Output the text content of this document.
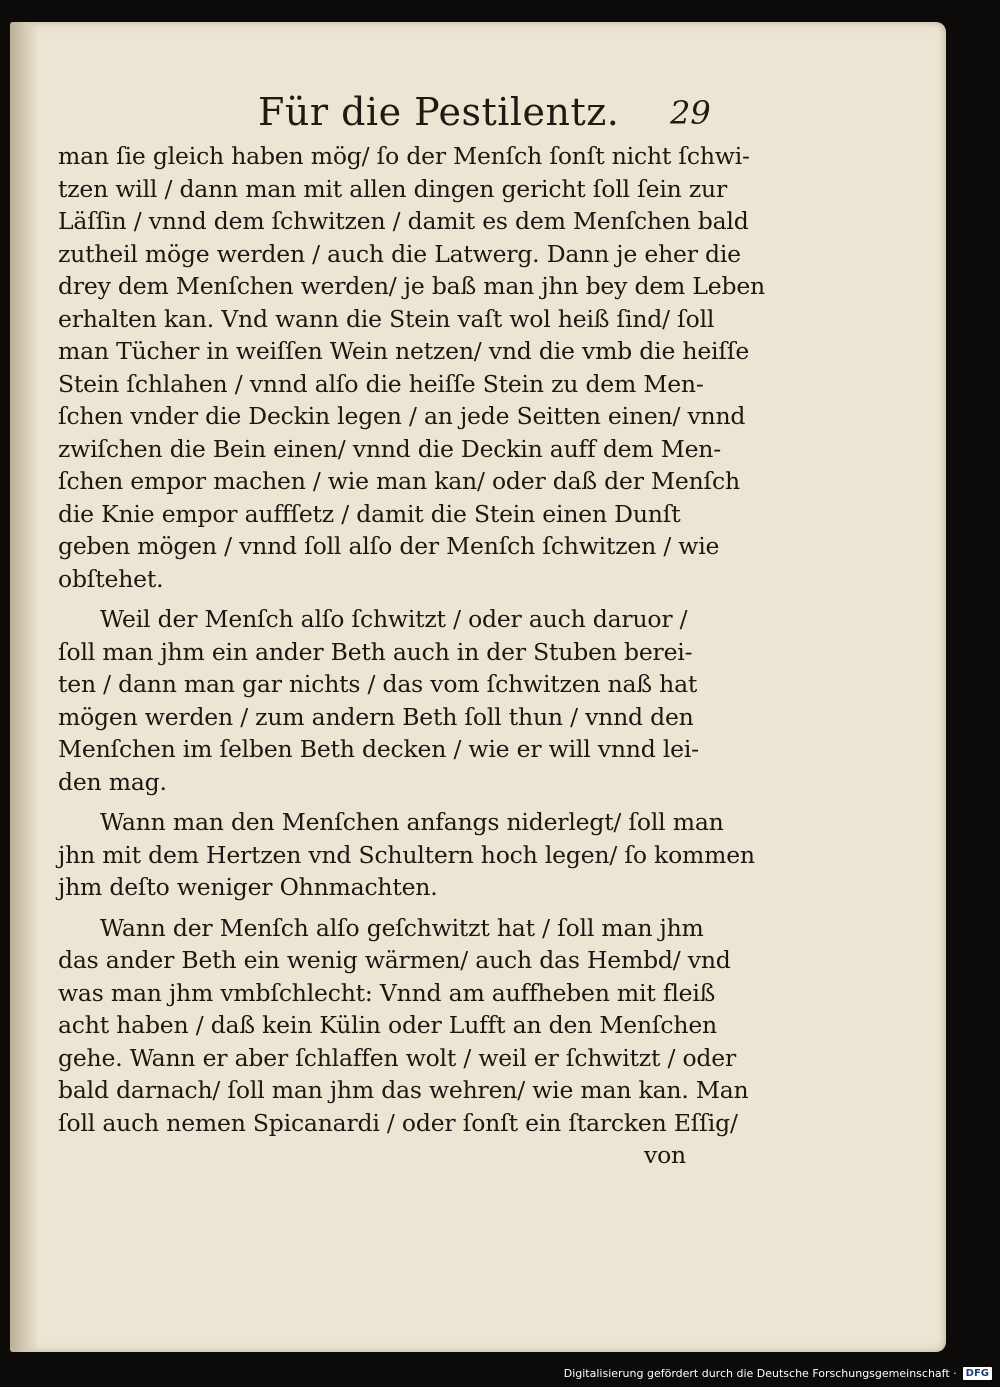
Für die Pestilentz. 29
man ſie gleich haben mög/ ſo der Menſch ſonſt nicht ſchwi-
tzen will / dann man mit allen dingen gericht ſoll ſein zur
Läſſin / vnnd dem ſchwitzen / damit es dem Menſchen bald
zutheil möge werden / auch die Latwerg. Dann je eher die
drey dem Menſchen werden/ je baß man jhn bey dem Leben
erhalten kan. Vnd wann die Stein vaſt wol heiß ſind/ ſoll
man Tücher in weiſſen Wein netzen/ vnd die vmb die heiſſe
Stein ſchlahen / vnnd alſo die heiſſe Stein zu dem Men-
ſchen vnder die Deckin legen / an jede Seitten einen/ vnnd
zwiſchen die Bein einen/ vnnd die Deckin auff dem Men-
ſchen empor machen / wie man kan/ oder daß der Menſch
die Knie empor auffſetz / damit die Stein einen Dunſt
geben mögen / vnnd ſoll alſo der Menſch ſchwitzen / wie
obſtehet.
Weil der Menſch alſo ſchwitzt / oder auch daruor /
ſoll man jhm ein ander Beth auch in der Stuben berei-
ten / dann man gar nichts / das vom ſchwitzen naß hat
mögen werden / zum andern Beth ſoll thun / vnnd den
Menſchen im ſelben Beth decken / wie er will vnnd lei-
den mag.
Wann man den Menſchen anfangs niderlegt/ ſoll man
jhn mit dem Hertzen vnd Schultern hoch legen/ ſo kommen
jhm deſto weniger Ohnmachten.
Wann der Menſch alſo geſchwitzt hat / ſoll man jhm
das ander Beth ein wenig wärmen/ auch das Hembd/ vnd
was man jhm vmbſchlecht: Vnnd am auffheben mit fleiß
acht haben / daß kein Külin oder Lufft an den Menſchen
gehe. Wann er aber ſchlaffen wolt / weil er ſchwitzt / oder
bald darnach/ ſoll man jhm das wehren/ wie man kan. Man
ſoll auch nemen Spicanardi / oder ſonſt ein ſtarcken Eſſig/
von
Digitalisierung gefördert durch die Deutsche Forschungsgemeinschaft · DFG
